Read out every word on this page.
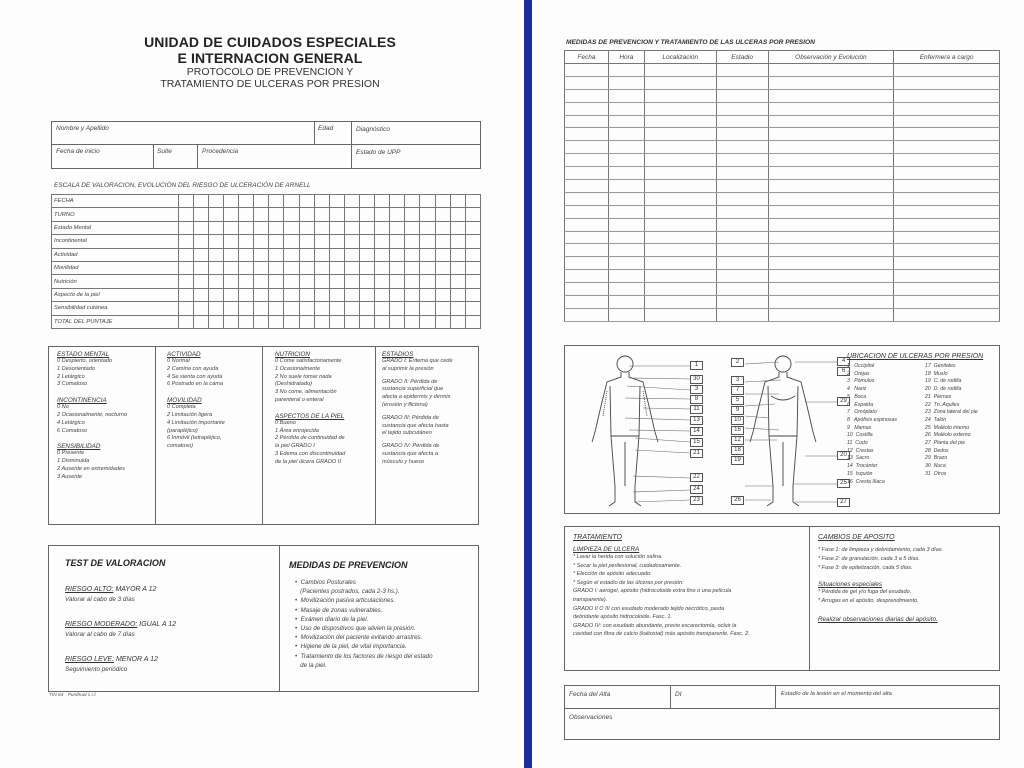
UNIDAD DE CUIDADOS ESPECIALES
E INTERNACION GENERAL
PROTOCOLO DE PREVENCION Y
TRATAMIENTO DE ULCERAS POR PRESION
Nombre y Apellido	Edad	Diagnóstico
Fecha de inicio	Suite	Procedencia	Estado de UPP
ESCALA DE VALORACION, EVOLUCIÓN DEL RIESGO DE ULCERACIÓN DE ARNELL
FECHA																				
TURNO																				
Estado Mental																				
Incontinental																				
Actividad																				
Movilidad																				
Nutrición																				
Aspecto de la piel																				
Sensibilidad cutánea																				
TOTAL DEL PUNTAJE																				
ESTADO MENTAL
0 Despierto, orientado
1 Desorientado
2 Letárgico
3 Comatoso
INCONTINENCIA
0 No
2 Ocasionalmente, nocturno
4 Letárgico
6 Comatoso
SENSIBILIDAD
0 Presente
1 Disminuida
2 Ausente en extremidades
3 Ausente
ACTIVIDAD
0 Normal
2 Camina con ayuda
4 Se sienta con ayuda
6 Postrado en la cama
MOVILIDAD
0 Completa
2 Limitación ligera
4 Limitación importante
(parapléjico)
6 Inmóvil (tetrapléjico,
comatoso)
NUTRICION
0 Come satisfactoriamente
1 Ocasionalmente
2 No suele tomar nada
(Deshidratado)
3 No come, alimentación
parenteral o enteral
ASPECTOS DE LA PIEL
0 Bueno
1 Área enrojecida
2 Pérdida de continuidad de
la piel GRADO I
3 Edema con discontinuidad
de la piel úlcera GRADO II
ESTADIOS
GRADO I: Eritema que cede
al suprimir la presión
GRADO II: Pérdida de
sustancia superficial que
afecta a epidermis y dermis
(erosión y flictena)
GRADO III: Pérdida de
sustancia que afecta hasta
el tejido subcutáneo
GRADO IV: Pérdida de
sustancia que afecta a
músculo y hueso
TEST DE VALORACION
RIESGO ALTO: MAYOR A 12
Valorar al cabo de 3 días
RIESGO MODERADO: IGUAL A 12
Valorar al cabo de 7 días
RIESGO LEVE: MENOR A 12
Seguimiento periódico
MEDIDAS DE PREVENCION
•  Cambios Posturales
(Pacientes postrados, cada 2-3 hs.).
•  Movilización pasiva articulaciones.
•  Masaje de zonas vulnerables.
•  Exámen diario de la piel.
•  Uso de dispositivos que alivien la presión.
•  Movilización del paciente evitando arrastres.
•  Higiene de la piel, de vital importancia.
•  Tratamiento de los factores de riesgo del estado
de la piel.
TIN 84 - Punthual s.r.l.
MEDIDAS DE PREVENCION Y TRATAMIENTO DE LAS ULCERAS POR PRESION
Fecha	Hora	Localización	Estadio	Observación y Evolución	Enfermera a cargo

1
30
3
8
11
13
14
15
21
22
24
23
2	4
6
3
7
5
9
29
10
16
12
18
19
20
25
26	27
UBICACION DE ULCERAS POR PRESION
1   Occipital
2   Orejas
3   Pómulos
4   Nariz
5   Boca
6   Espalda
7   Omóplato
8   Apófisis espinosas
9   Mamas
10  Costilla
11  Codo
12  Crestas
13  Sacro
14  Trocánter
15  Isquión
16  Cresta Ilíaca
17  Genitales
18  Muslo
19  C. de rodilla
20  D. de rodilla
21  Piernas
22  Tn. Aquiles
23  Zona lateral del pie
24  Talón
25  Maléolo interno
26  Maléolo externo
27  Planta del pie
28  Dedos
29  Brazo
30  Nuca
31  Otros
TRATAMIENTO
LIMPIEZA DE ULCERA
* Lavar la herida con solución salina.
* Secar la piel perilesional, cuidadosamente.
* Elección de apósito adecuado.
* Según el estadio de las úlceras por presión:
GRADO I: aerogel, apósito (hidrocoloide extra fino o una película
transparente).
GRADO II O III con exudado moderado tejido necrótico, pasta
debridante apósito hidrocoloide. Fasc. 1.
GRADO IV: con exudado abundante, previo escarectomía, ocluir la
cavidad con fibra de calcio (kaltostat) más apósito transparente. Fasc. 2.
CAMBIOS DE APOSITO
* Fase 1: de limpieza y debridamiento, cada 3 días.
* Fase 2: de granulación, cada 3 a 5 días.
* Fase 3: de epitelización, cada 5 días.
Situaciones especiales
* Pérdida de gel y/o fuga del exudado.
* Arrugas en el apósito, desprendimiento.
Realizar observaciones diarias del apósito.
Fecha del Alta	DI	Estadío de la lesión en el momento del alta
Observaciones
